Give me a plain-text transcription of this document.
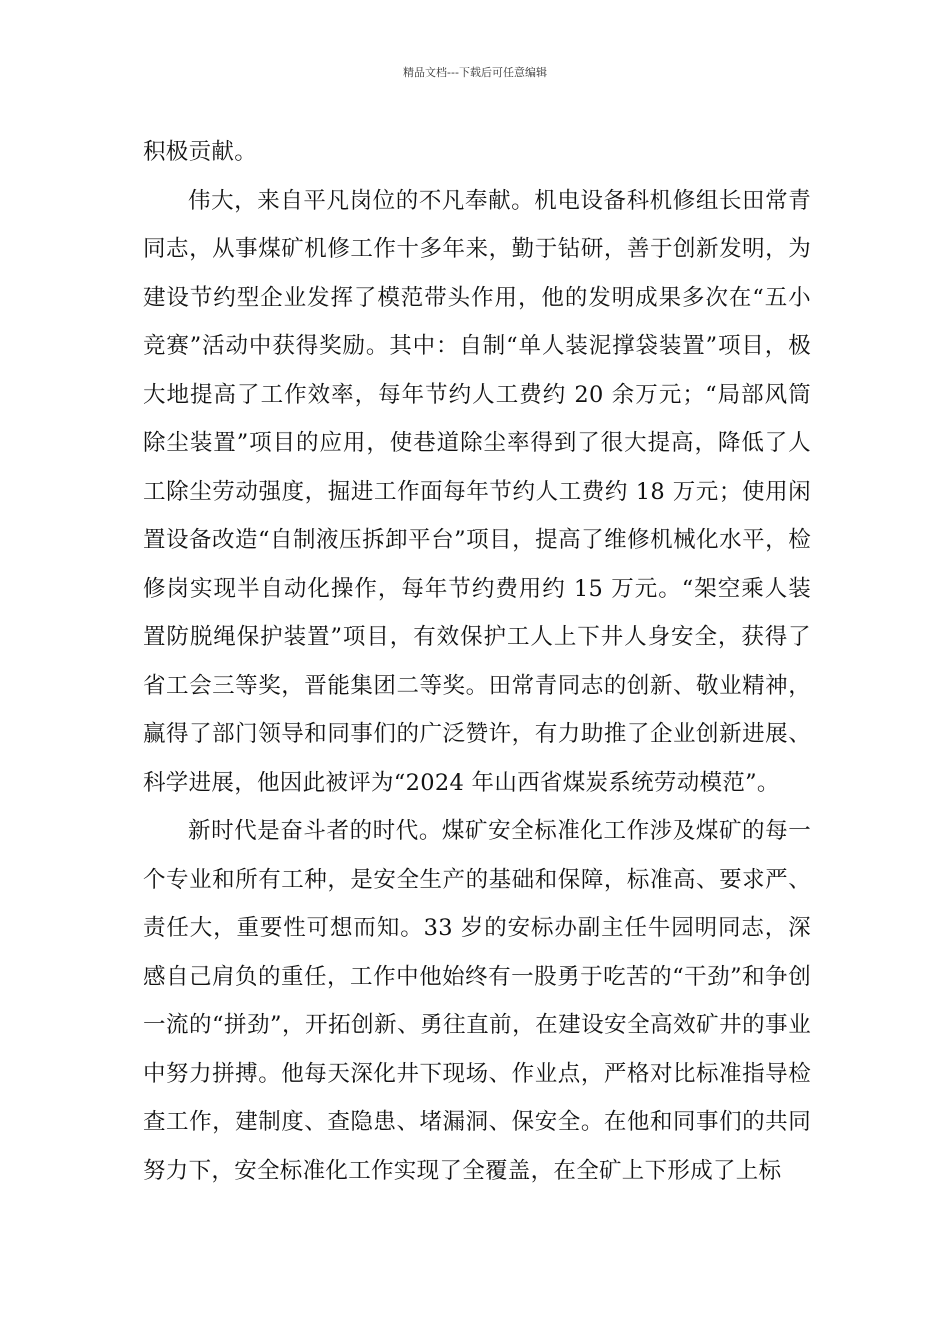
精品文档---下载后可任意编辑

积极贡献。

伟大，来自平凡岗位的不凡奉献。机电设备科机修组长田常青同志，从事煤矿机修工作十多年来，勤于钻研，善于创新发明，为建设节约型企业发挥了模范带头作用，他的发明成果多次在“五小竞赛”活动中获得奖励。其中：自制“单人装泥撑袋装置”项目，极大地提高了工作效率，每年节约人工费约 20 余万元；“局部风筒除尘装置”项目的应用，使巷道除尘率得到了很大提高，降低了人工除尘劳动强度，掘进工作面每年节约人工费约 18 万元；使用闲置设备改造“自制液压拆卸平台”项目，提高了维修机械化水平，检修岗实现半自动化操作，每年节约费用约 15 万元。“架空乘人装置防脱绳保护装置”项目，有效保护工人上下井人身安全，获得了省工会三等奖，晋能集团二等奖。田常青同志的创新、敬业精神，赢得了部门领导和同事们的广泛赞许，有力助推了企业创新进展、科学进展，他因此被评为“2024 年山西省煤炭系统劳动模范”。

新时代是奋斗者的时代。煤矿安全标准化工作涉及煤矿的每一个专业和所有工种，是安全生产的基础和保障，标准高、要求严、责任大，重要性可想而知。33 岁的安标办副主任牛园明同志，深感自己肩负的重任，工作中他始终有一股勇于吃苦的“干劲”和争创一流的“拼劲”，开拓创新、勇往直前，在建设安全高效矿井的事业中努力拼搏。他每天深化井下现场、作业点，严格对比标准指导检查工作，建制度、查隐患、堵漏洞、保安全。在他和同事们的共同努力下，安全标准化工作实现了全覆盖，在全矿上下形成了上标
